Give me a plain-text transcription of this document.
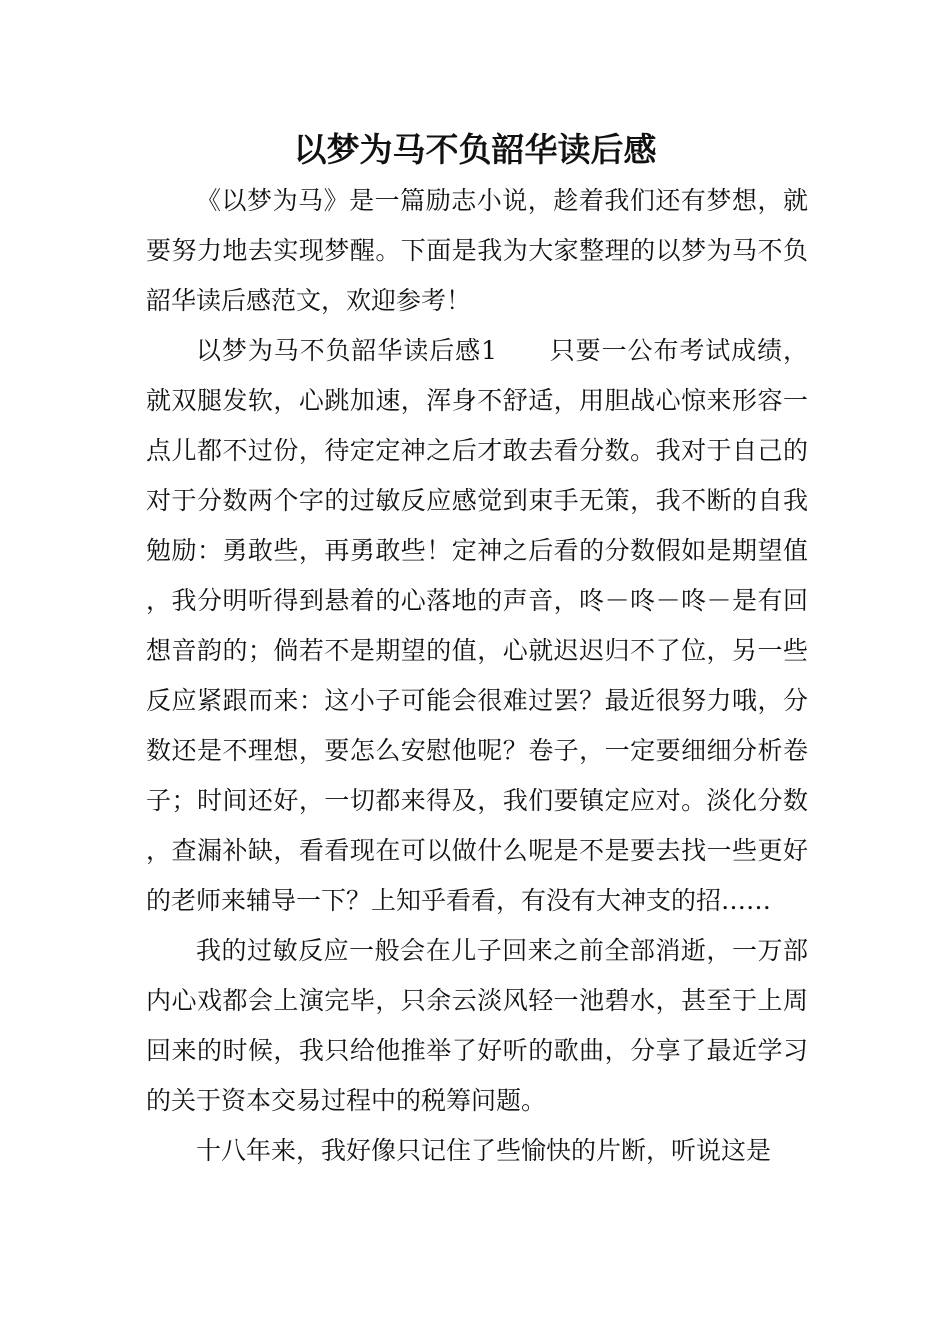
以梦为马不负韶华读后感

《以梦为马》是一篇励志小说，趁着我们还有梦想，就要努力地去实现梦醒。下面是我为大家整理的以梦为马不负韶华读后感范文，欢迎参考！

以梦为马不负韶华读后感1　　只要一公布考试成绩，就双腿发软，心跳加速，浑身不舒适，用胆战心惊来形容一点儿都不过份，待定定神之后才敢去看分数。我对于自己的对于分数两个字的过敏反应感觉到束手无策，我不断的自我勉励：勇敢些，再勇敢些！定神之后看的分数假如是期望值，我分明听得到悬着的心落地的声音，咚－咚－咚－是有回想音韵的；倘若不是期望的值，心就迟迟归不了位，另一些反应紧跟而来：这小子可能会很难过罢？最近很努力哦，分数还是不理想，要怎么安慰他呢？卷子，一定要细细分析卷子；时间还好，一切都来得及，我们要镇定应对。淡化分数，查漏补缺，看看现在可以做什么呢是不是要去找一些更好的老师来辅导一下？上知乎看看，有没有大神支的招……

我的过敏反应一般会在儿子回来之前全部消逝，一万部内心戏都会上演完毕，只余云淡风轻一池碧水，甚至于上周回来的时候，我只给他推举了好听的歌曲，分享了最近学习的关于资本交易过程中的税筹问题。

十八年来，我好像只记住了些愉快的片断，听说这是
